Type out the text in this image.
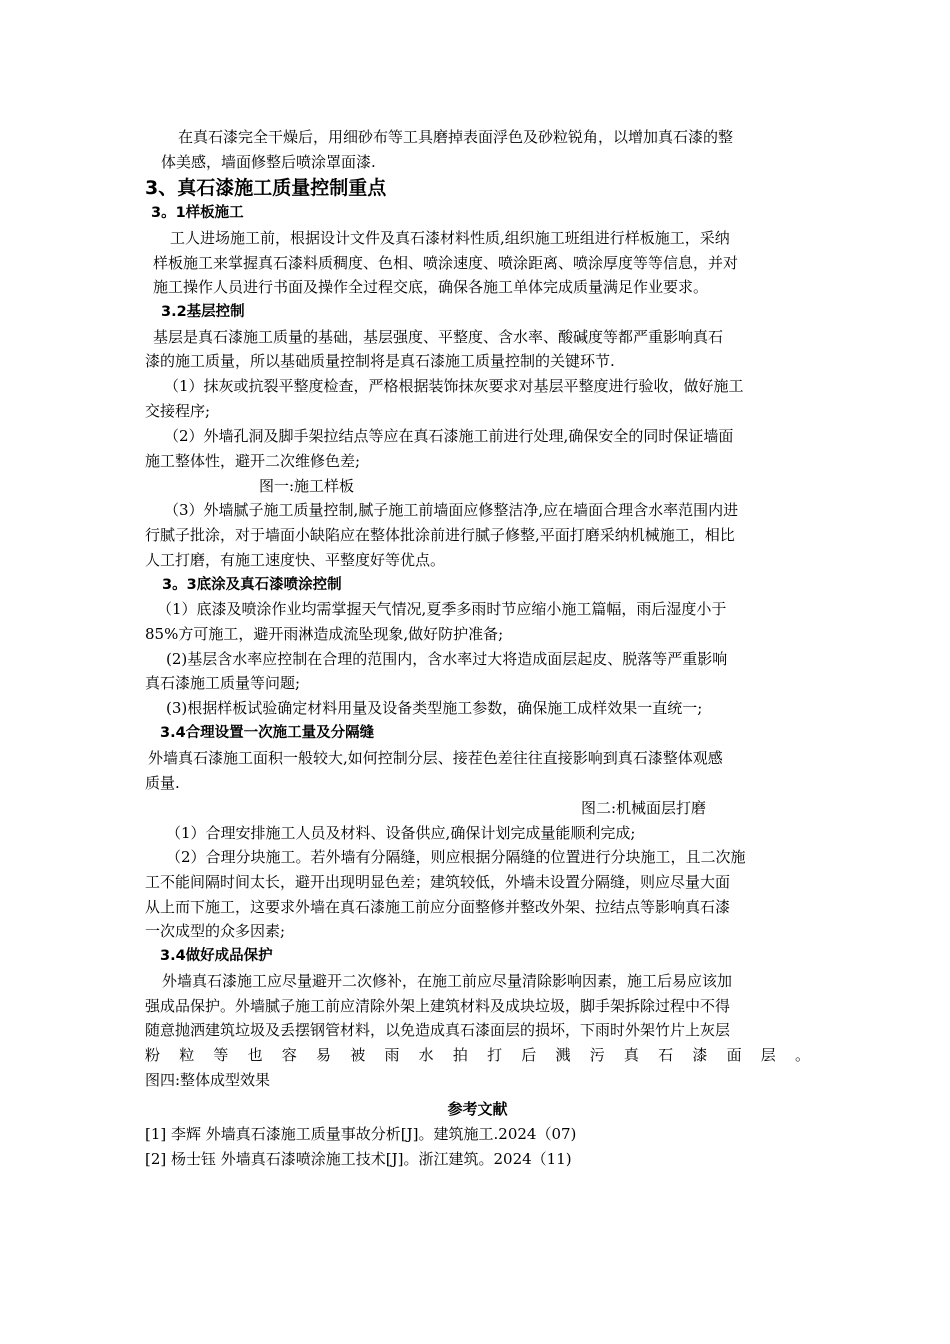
在真石漆完全干燥后，用细砂布等工具磨掉表面浮色及砂粒锐角，以增加真石漆的整
体美感，墙面修整后喷涂罩面漆.
3、真石漆施工质量控制重点
3。1样板施工
工人进场施工前，根据设计文件及真石漆材料性质,组织施工班组进行样板施工，采纳
样板施工来掌握真石漆料质稠度、色相、喷涂速度、喷涂距离、喷涂厚度等等信息，并对
施工操作人员进行书面及操作全过程交底，确保各施工单体完成质量满足作业要求。
3.2基层控制
基层是真石漆施工质量的基础，基层强度、平整度、含水率、酸碱度等都严重影响真石
漆的施工质量，所以基础质量控制将是真石漆施工质量控制的关键环节.
（1）抹灰或抗裂平整度检查，严格根据装饰抹灰要求对基层平整度进行验收，做好施工
交接程序;
（2）外墙孔洞及脚手架拉结点等应在真石漆施工前进行处理,确保安全的同时保证墙面
施工整体性，避开二次维修色差;
图一:施工样板
（3）外墙腻子施工质量控制,腻子施工前墙面应修整洁净,应在墙面合理含水率范围内进
行腻子批涂，对于墙面小缺陷应在整体批涂前进行腻子修整,平面打磨采纳机械施工，相比
人工打磨，有施工速度快、平整度好等优点。
3。3底涂及真石漆喷涂控制
（1）底漆及喷涂作业均需掌握天气情况,夏季多雨时节应缩小施工篇幅，雨后湿度小于
85%方可施工，避开雨淋造成流坠现象,做好防护准备;
(2)基层含水率应控制在合理的范围内，含水率过大将造成面层起皮、脱落等严重影响
真石漆施工质量等问题;
(3)根据样板试验确定材料用量及设备类型施工参数，确保施工成样效果一直统一;
3.4合理设置一次施工量及分隔缝
外墙真石漆施工面积一般较大,如何控制分层、接茬色差往往直接影响到真石漆整体观感
质量.
图二:机械面层打磨
（1）合理安排施工人员及材料、设备供应,确保计划完成量能顺利完成;
（2）合理分块施工。若外墙有分隔缝，则应根据分隔缝的位置进行分块施工，且二次施
工不能间隔时间太长，避开出现明显色差；建筑较低，外墙未设置分隔缝，则应尽量大面
从上而下施工，这要求外墙在真石漆施工前应分面整修并整改外架、拉结点等影响真石漆
一次成型的众多因素;
3.4做好成品保护
外墙真石漆施工应尽量避开二次修补，在施工前应尽量清除影响因素，施工后易应该加
强成品保护。外墙腻子施工前应清除外架上建筑材料及成块垃圾，脚手架拆除过程中不得
随意抛洒建筑垃圾及丢摆钢管材料，以免造成真石漆面层的损坏，下雨时外架竹片上灰层
粉粒等也容易被雨水拍打后溅污真石漆面层。
图四:整体成型效果
参考文献
[1] 李辉 外墙真石漆施工质量事故分析[J]。建筑施工.2024（07)
[2] 杨士钰 外墙真石漆喷涂施工技术[J]。浙江建筑。2024（11)
